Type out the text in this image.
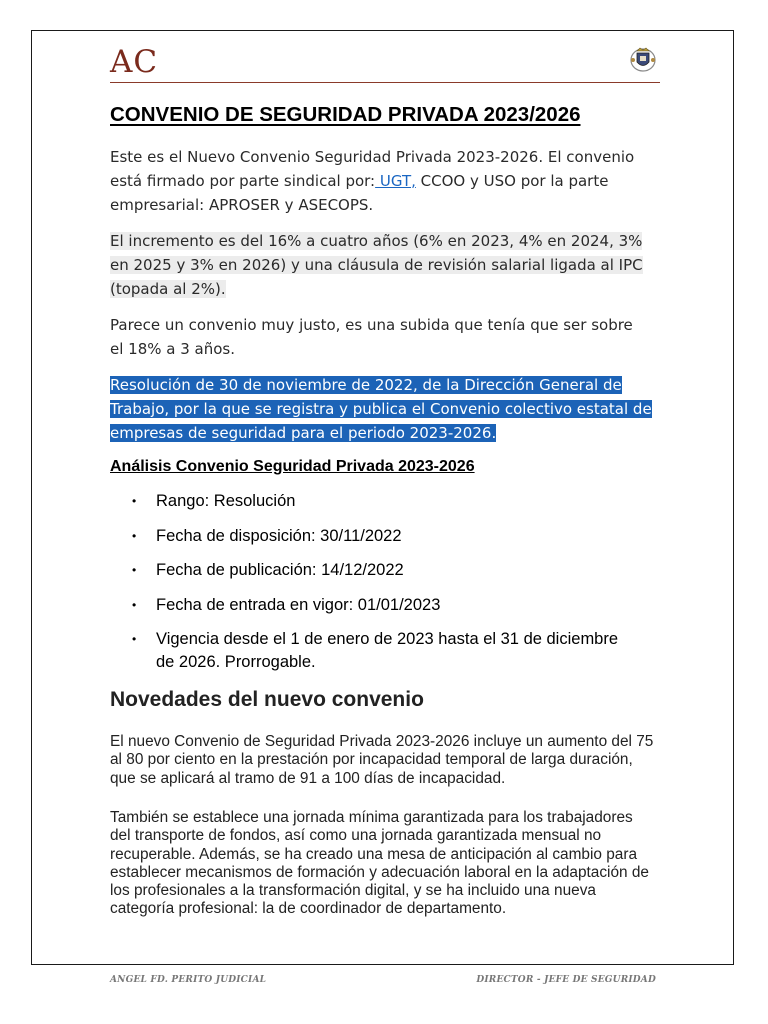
AC
CONVENIO DE SEGURIDAD PRIVADA 2023/2026

Este es el Nuevo Convenio Seguridad Privada 2023-2026. El convenio está firmado por parte sindical por: UGT, CCOO y USO por la parte empresarial: APROSER y ASECOPS.

El incremento es del 16% a cuatro años (6% en 2023, 4% en 2024, 3% en 2025 y 3% en 2026) y una cláusula de revisión salarial ligada al IPC (topada al 2%).

Parece un convenio muy justo, es una subida que tenía que ser sobre el 18% a 3 años.

Resolución de 30 de noviembre de 2022, de la Dirección General de Trabajo, por la que se registra y publica el Convenio colectivo estatal de empresas de seguridad para el periodo 2023-2026.

Análisis Convenio Seguridad Privada 2023-2026
• Rango: Resolución
• Fecha de disposición: 30/11/2022
• Fecha de publicación: 14/12/2022
• Fecha de entrada en vigor: 01/01/2023
• Vigencia desde el 1 de enero de 2023 hasta el 31 de diciembre de 2026. Prorrogable.
Novedades del nuevo convenio

El nuevo Convenio de Seguridad Privada 2023-2026 incluye un aumento del 75 al 80 por ciento en la prestación por incapacidad temporal de larga duración, que se aplicará al tramo de 91 a 100 días de incapacidad.

También se establece una jornada mínima garantizada para los trabajadores del transporte de fondos, así como una jornada garantizada mensual no recuperable. Además, se ha creado una mesa de anticipación al cambio para establecer mecanismos de formación y adecuación laboral en la adaptación de los profesionales a la transformación digital, y se ha incluido una nueva categoría profesional: la de coordinador de departamento.

ANGEL FD. PERITO JUDICIAL	DIRECTOR - JEFE DE SEGURIDAD
